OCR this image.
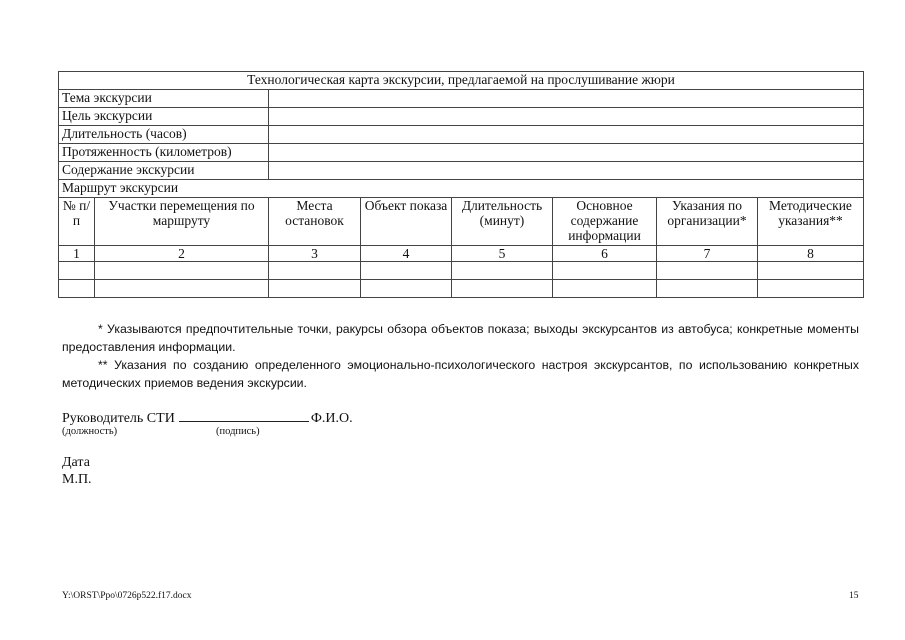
Технологическая карта экскурсии, предлагаемой на прослушивание жюри							
Тема экскурсии							
Цель экскурсии							
Длительность (часов)							
Протяженность (километров)							
Содержание экскурсии							
Маршрут экскурсии							
№ п/п	Участки перемещения по маршруту	Места остановок	Объект показа	Длительность (минут)	Основное содержание информации	Указания по организации*	Методические указания**
1	2	3	4	5	6	7	8

* Указываются предпочтительные точки, ракурсы обзора объектов показа; выходы экскурсантов из автобуса; конкретные моменты предоставления информации.

** Указания по созданию определенного эмоционально-психологического настроя экскурсантов, по использованию конкретных методических приемов ведения экскурсии.

Руководитель СТИ	Ф.И.О.
(должность)	(подпись)
Дата
М.П.
Y:\ORST\Ppo\0726p522.f17.docx	15
